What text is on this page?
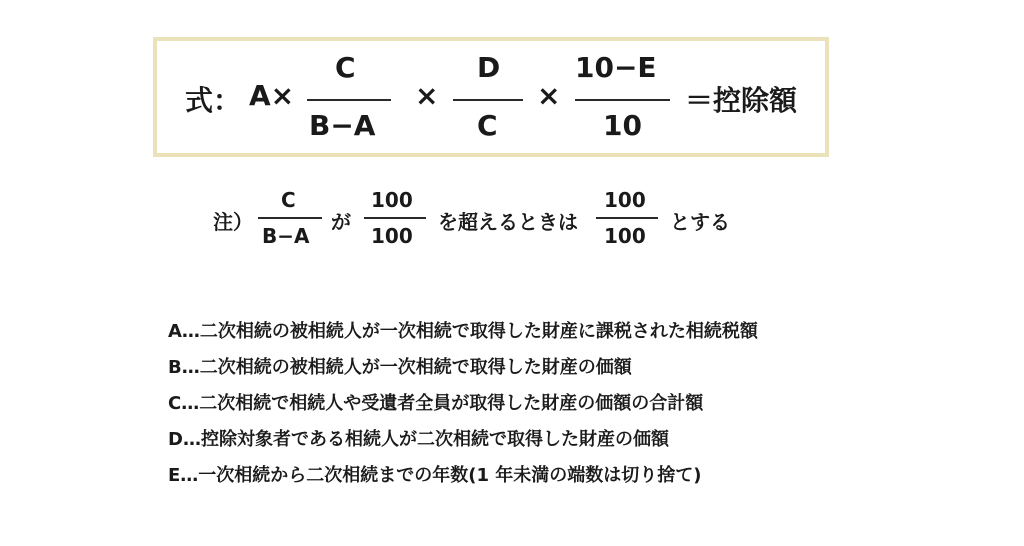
式： A×
C
B−A
×
D
C
×
10−E
10
＝控除額
注）
C
B−A
が
100
100
を超えるときは
100
100
とする
A…二次相続の被相続人が一次相続で取得した財産に課税された相続税額
B…二次相続の被相続人が一次相続で取得した財産の価額
C…二次相続で相続人や受遺者全員が取得した財産の価額の合計額
D…控除対象者である相続人が二次相続で取得した財産の価額
E…一次相続から二次相続までの年数(1 年未満の端数は切り捨て)
